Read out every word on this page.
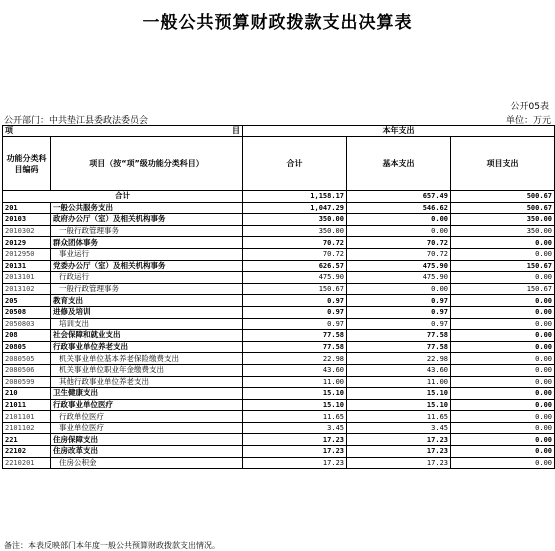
一般公共预算财政拨款支出决算表
公开05表
公开部门：中共垫江县委政法委员会	单位：万元
项 目		本年支出		
功能分类科目编码	项目（按“项”级功能分类科目）	合计	基本支出	项目支出
合计		1,158.17	657.49	500.67
201	一般公共服务支出	1,047.29	546.62	500.67
20103	政府办公厅（室）及相关机构事务	350.00	0.00	350.00
2010302	一般行政管理事务	350.00	0.00	350.00
20129	群众团体事务	70.72	70.72	0.00
2012950	事业运行	70.72	70.72	0.00
20131	党委办公厅（室）及相关机构事务	626.57	475.90	150.67
2013101	行政运行	475.90	475.90	0.00
2013102	一般行政管理事务	150.67	0.00	150.67
205	教育支出	0.97	0.97	0.00
20508	进修及培训	0.97	0.97	0.00
2050803	培训支出	0.97	0.97	0.00
208	社会保障和就业支出	77.58	77.58	0.00
20805	行政事业单位养老支出	77.58	77.58	0.00
2080505	机关事业单位基本养老保险缴费支出	22.98	22.98	0.00
2080506	机关事业单位职业年金缴费支出	43.60	43.60	0.00
2080599	其他行政事业单位养老支出	11.00	11.00	0.00
210	卫生健康支出	15.10	15.10	0.00
21011	行政事业单位医疗	15.10	15.10	0.00
2101101	行政单位医疗	11.65	11.65	0.00
2101102	事业单位医疗	3.45	3.45	0.00
221	住房保障支出	17.23	17.23	0.00
22102	住房改革支出	17.23	17.23	0.00
2210201	住房公积金	17.23	17.23	0.00
备注：本表反映部门本年度一般公共预算财政拨款支出情况。
